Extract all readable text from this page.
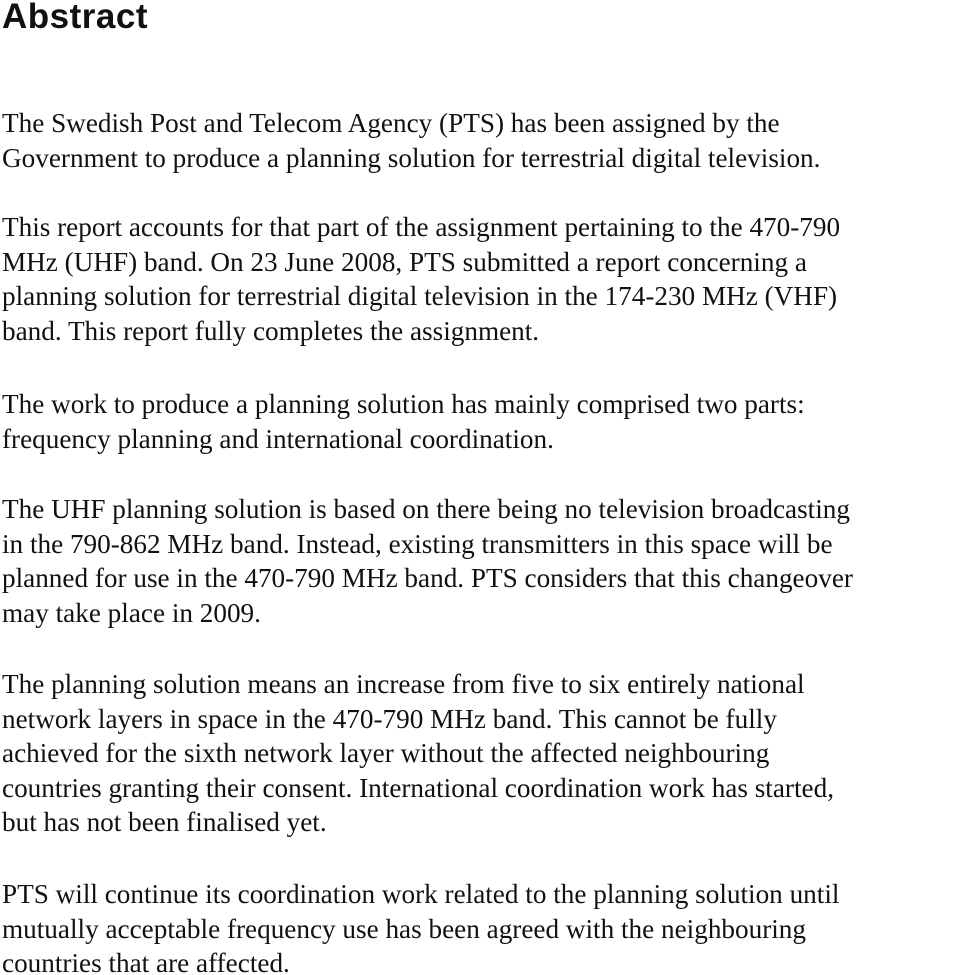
Abstract

The Swedish Post and Telecom Agency (PTS) has been assigned by the
Government to produce a planning solution for terrestrial digital television.

This report accounts for that part of the assignment pertaining to the 470-790
MHz (UHF) band. On 23 June 2008, PTS submitted a report concerning a
planning solution for terrestrial digital television in the 174-230 MHz (VHF)
band. This report fully completes the assignment.

The work to produce a planning solution has mainly comprised two parts:
frequency planning and international coordination.

The UHF planning solution is based on there being no television broadcasting
in the 790-862 MHz band. Instead, existing transmitters in this space will be
planned for use in the 470-790 MHz band. PTS considers that this changeover
may take place in 2009.

The planning solution means an increase from five to six entirely national
network layers in space in the 470-790 MHz band. This cannot be fully
achieved for the sixth network layer without the affected neighbouring
countries granting their consent. International coordination work has started,
but has not been finalised yet.

PTS will continue its coordination work related to the planning solution until
mutually acceptable frequency use has been agreed with the neighbouring
countries that are affected.
